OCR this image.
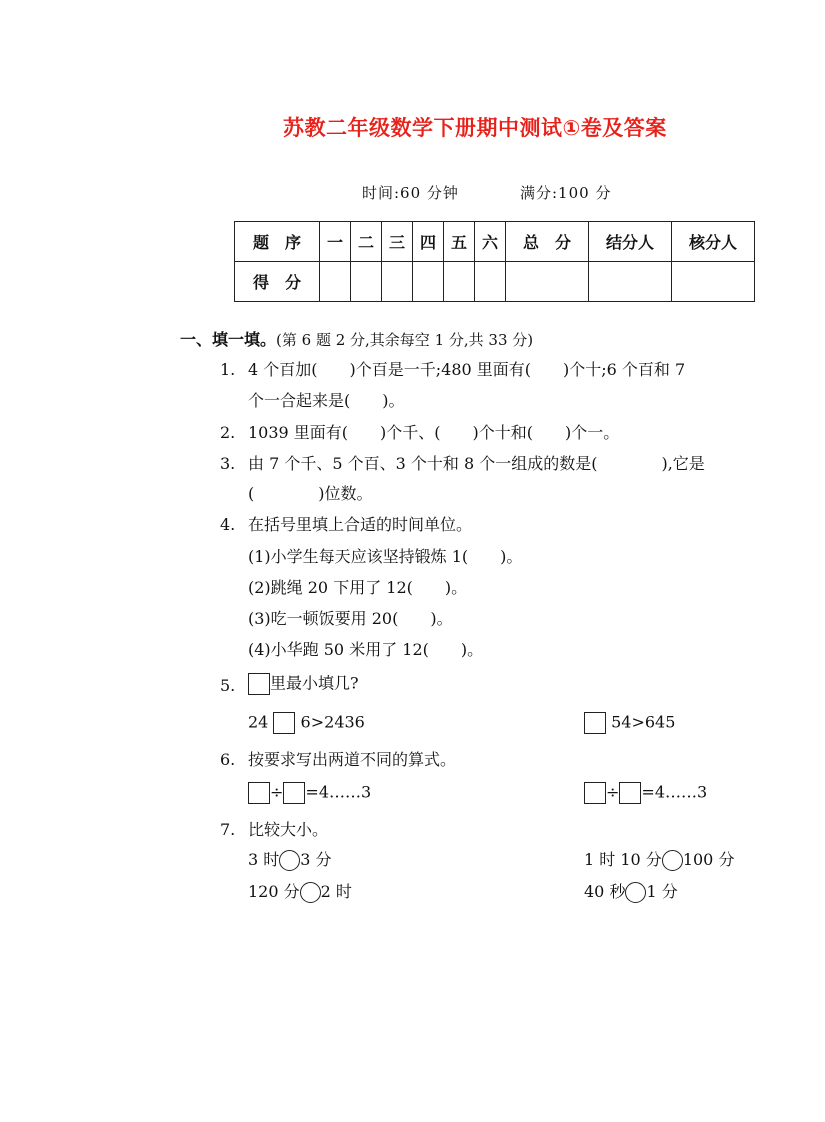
苏教二年级数学下册期中测试①卷及答案
时间:60 分钟	满分:100 分
题　序	一	二	三	四	五	六	总　分	结分人	核分人
得　分									
一、填一填。(第 6 题 2 分,其余每空 1 分,共 33 分)
1. 4 个百加(　　)个百是一千;480 里面有(　　)个十;6 个百和 7
个一合起来是(　　)。
2. 1039 里面有(　　)个千、(　　)个十和(　　)个一。
3. 由 7 个千、5 个百、3 个十和 8 个一组成的数是(　　　　),它是
(　　　　)位数。
4. 在括号里填上合适的时间单位。
(1)小学生每天应该坚持锻炼 1(　　)。
(2)跳绳 20 下用了 12(　　)。
(3)吃一顿饭要用 20(　　)。
(4)小华跑 50 米用了 12(　　)。
5.	里最小填几?
24 6>2436	54>645
6. 按要求写出两道不同的算式。
÷ =4……3	÷ =4……3
7. 比较大小。
3 时 3 分	1 时 10 分 100 分
120 分 2 时	40 秒 1 分
